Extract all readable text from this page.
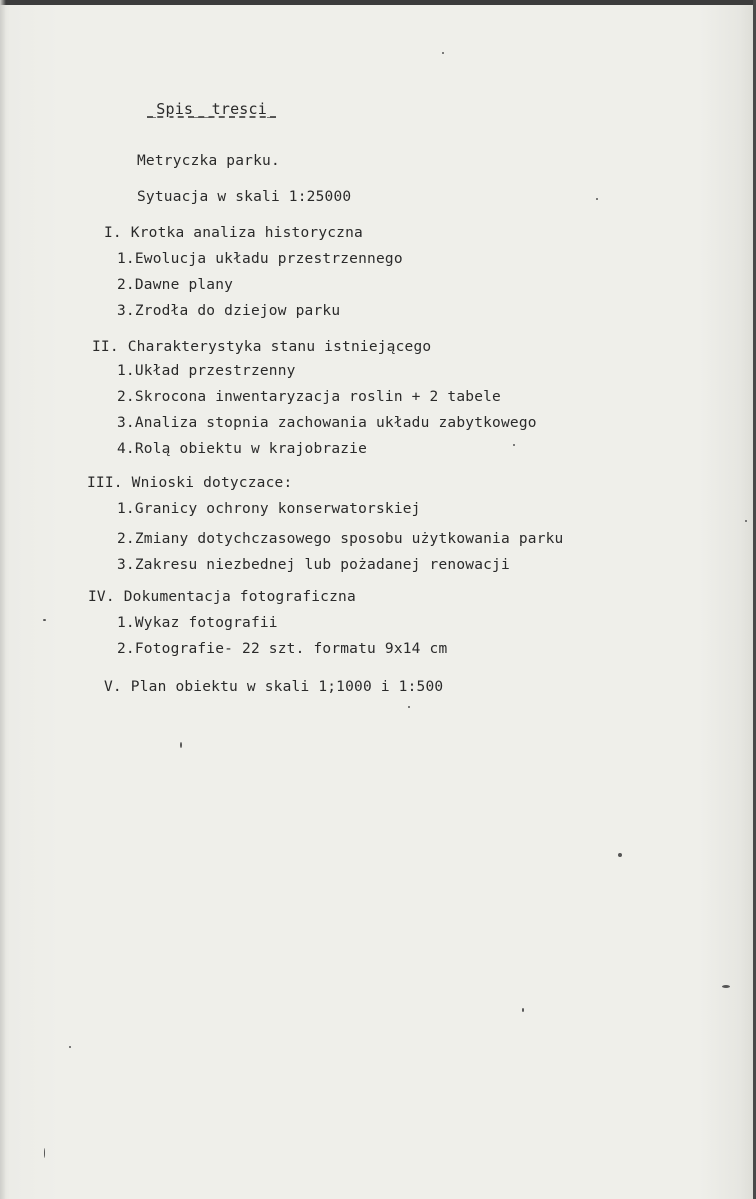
_Spis__tresci_
Metryczka parku.
Sytuacja w skali 1:25000
I. Krotka analiza historyczna
1.Ewolucja układu przestrzennego
2.Dawne plany
3.Zrodła do dziejow parku
II. Charakterystyka stanu istniejącego
1.Układ przestrzenny
2.Skrocona inwentaryzacja roslin + 2 tabele
3.Analiza stopnia zachowania układu zabytkowego
4.Rolą obiektu w krajobrazie
III. Wnioski dotyczace:
1.Granicy ochrony konserwatorskiej
2.Zmiany dotychczasowego sposobu użytkowania parku
3.Zakresu niezbednej lub pożadanej renowacji
IV. Dokumentacja fotograficzna
1.Wykaz fotografii
2.Fotografie- 22 szt. formatu 9x14 cm
V. Plan obiektu w skali 1;1000 i 1:500
